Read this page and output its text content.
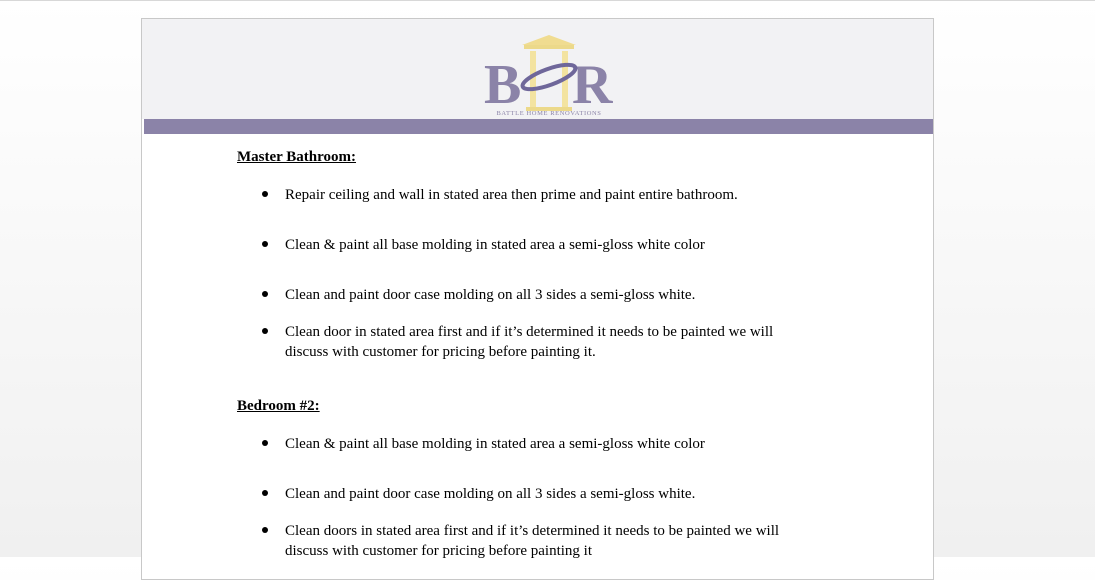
B R
BATTLE HOME RENOVATIONS
Master Bathroom:
Repair ceiling and wall in stated area then prime and paint entire bathroom.
Clean & paint all base molding in stated area a semi-gloss white color
Clean and paint door case molding on all 3 sides a semi-gloss white.
Clean door in stated area first and if it’s determined it needs to be painted we will
discuss with customer for pricing before painting it.
Bedroom #2:
Clean & paint all base molding in stated area a semi-gloss white color
Clean and paint door case molding on all 3 sides a semi-gloss white.
Clean doors in stated area first and if it’s determined it needs to be painted we will
discuss with customer for pricing before painting it
